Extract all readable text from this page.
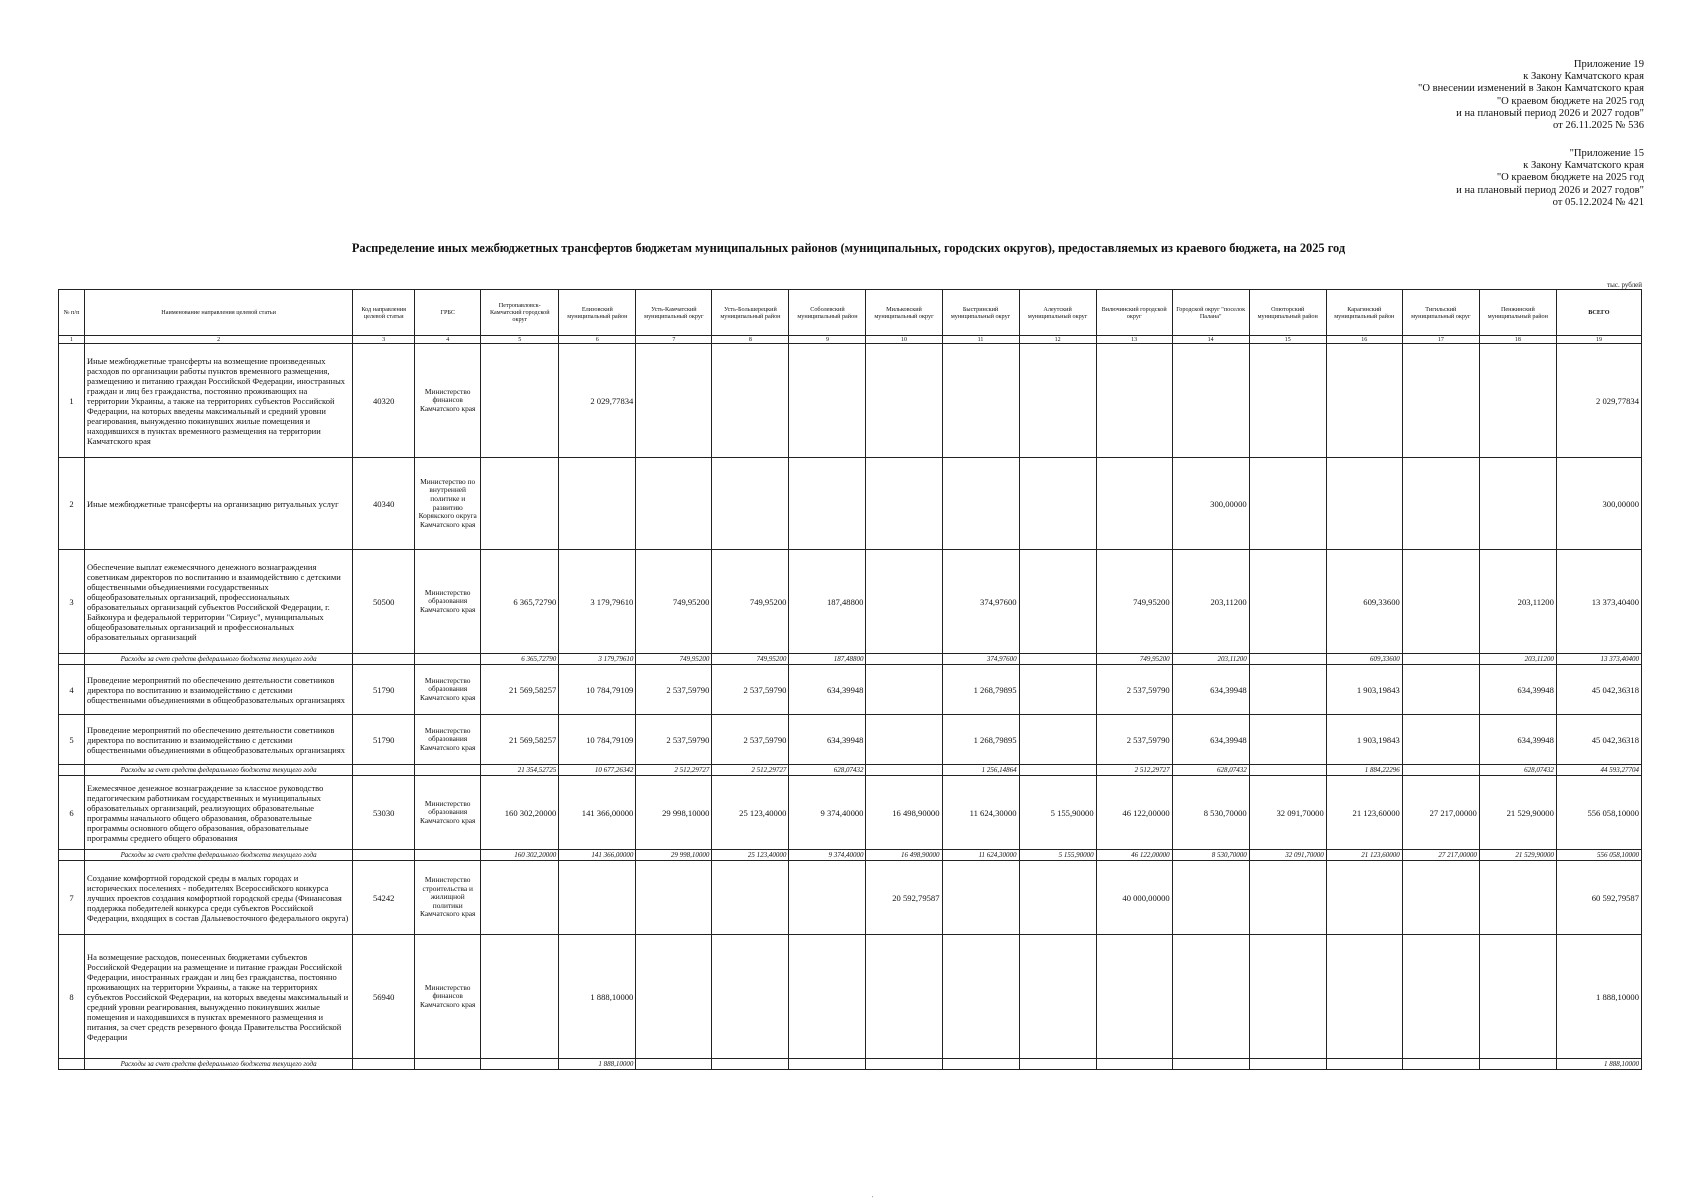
Приложение 19
к Закону Камчатского края
"О внесении изменений в Закон Камчатского края
"О краевом бюджете на 2025 год
и на плановый период 2026 и 2027 годов"
от 26.11.2025 № 536
"Приложение 15
к Закону Камчатского края
"О краевом бюджете на 2025 год
и на плановый период 2026 и 2027 годов"
от 05.12.2024 № 421
Распределение иных межбюджетных трансфертов бюджетам муниципальных районов (муниципальных, городских округов), предоставляемых из краевого бюджета, на 2025 год
тыс. рублей
№ п/п	Наименование направления целевой статьи	Код направления целевой статьи	ГРБС	Петропавловск-Камчатский городской округ	Елизовский муниципальный район	Усть-Камчатский муниципальный округ	Усть-Большерецкий муниципальный район	Соболевский муниципальный район	Мильковский муниципальный округ	Быстринский муниципальный округ	Алеутский муниципальный округ	Вилючинский городской округ	Городской округ "поселок Палана"	Олюторский муниципальный район	Карагинский муниципальный район	Тигильский муниципальный округ	Пенжинский муниципальный район	ВСЕГО
1	2	3	4	5	6	7	8	9	10	11	12	13	14	15	16	17	18	19
1	Иные межбюджетные трансферты на возмещение произведенных расходов по организации работы пунктов временного размещения, размещению и питанию граждан Российской Федерации, иностранных граждан и лиц без гражданства, постоянно проживающих на территории Украины, а также на территориях субъектов Российской Федерации, на которых введены максимальный и средний уровни реагирования, вынужденно покинувших жилые помещения и находившихся в пунктах временного размещения на территории Камчатского края	40320	Министерство финансов Камчатского края		2 029,77834													2 029,77834
2	Иные межбюджетные трансферты на организацию ритуальных услуг	40340	Министерство по внутренней политике и развитию Корякского округа Камчатского края										300,00000					300,00000
3	Обеспечение выплат ежемесячного денежного вознаграждения советникам директоров по воспитанию и взаимодействию с детскими общественными объединениями государственных общеобразовательных организаций, профессиональных образовательных организаций субъектов Российской Федерации, г. Байконура и федеральной территории "Сириус", муниципальных общеобразовательных организаций и профессиональных образовательных организаций	50500	Министерство образования Камчатского края	6 365,72790	3 179,79610	749,95200	749,95200	187,48800		374,97600		749,95200	203,11200		609,33600		203,11200	13 373,40400
	Расходы за счет средств федерального бюджета текущего года			6 365,72790	3 179,79610	749,95200	749,95200	187,48800		374,97600		749,95200	203,11200		609,33600		203,11200	13 373,40400
4	Проведение мероприятий по обеспечению деятельности советников директора по воспитанию и взаимодействию с детскими общественными объединениями в общеобразовательных организациях	51790	Министерство образования Камчатского края	21 569,58257	10 784,79109	2 537,59790	2 537,59790	634,39948		1 268,79895		2 537,59790	634,39948		1 903,19843		634,39948	45 042,36318
5	Проведение мероприятий по обеспечению деятельности советников директора по воспитанию и взаимодействию с детскими общественными объединениями в общеобразовательных организациях	51790	Министерство образования Камчатского края	21 569,58257	10 784,79109	2 537,59790	2 537,59790	634,39948		1 268,79895		2 537,59790	634,39948		1 903,19843		634,39948	45 042,36318
	Расходы за счет средств федерального бюджета текущего года			21 354,52725	10 677,26342	2 512,29727	2 512,29727	628,07432		1 256,14864		2 512,29727	628,07432		1 884,22296		628,07432	44 593,27704
6	Ежемесячное денежное вознаграждение за классное руководство педагогическим работникам государственных и муниципальных образовательных организаций, реализующих образовательные программы начального общего образования, образовательные программы основного общего образования, образовательные программы среднего общего образования	53030	Министерство образования Камчатского края	160 302,20000	141 366,00000	29 998,10000	25 123,40000	9 374,40000	16 498,90000	11 624,30000	5 155,90000	46 122,00000	8 530,70000	32 091,70000	21 123,60000	27 217,00000	21 529,90000	556 058,10000
	Расходы за счет средств федерального бюджета текущего года			160 302,20000	141 366,00000	29 998,10000	25 123,40000	9 374,40000	16 498,90000	11 624,30000	5 155,90000	46 122,00000	8 530,70000	32 091,70000	21 123,60000	27 217,00000	21 529,90000	556 058,10000
7	Создание комфортной городской среды в малых городах и исторических поселениях - победителях Всероссийского конкурса лучших проектов создания комфортной городской среды (Финансовая поддержка победителей конкурса среди субъектов Российской Федерации, входящих в состав Дальневосточного федерального округа)	54242	Министерство строительства и жилищной политики Камчатского края						20 592,79587			40 000,00000						60 592,79587
8	На возмещение расходов, понесенных бюджетами субъектов Российской Федерации на размещение и питание граждан Российской Федерации, иностранных граждан и лиц без гражданства, постоянно проживающих на территории Украины, а также на территориях субъектов Российской Федерации, на которых введены максимальный и средний уровни реагирования, вынужденно покинувших жилые помещения и находившихся в пунктах временного размещения и питания, за счет средств резервного фонда Правительства Российской Федерации	56940	Министерство финансов Камчатского края		1 888,10000													1 888,10000
	Расходы за счет средств федерального бюджета текущего года				1 888,10000													1 888,10000
'
